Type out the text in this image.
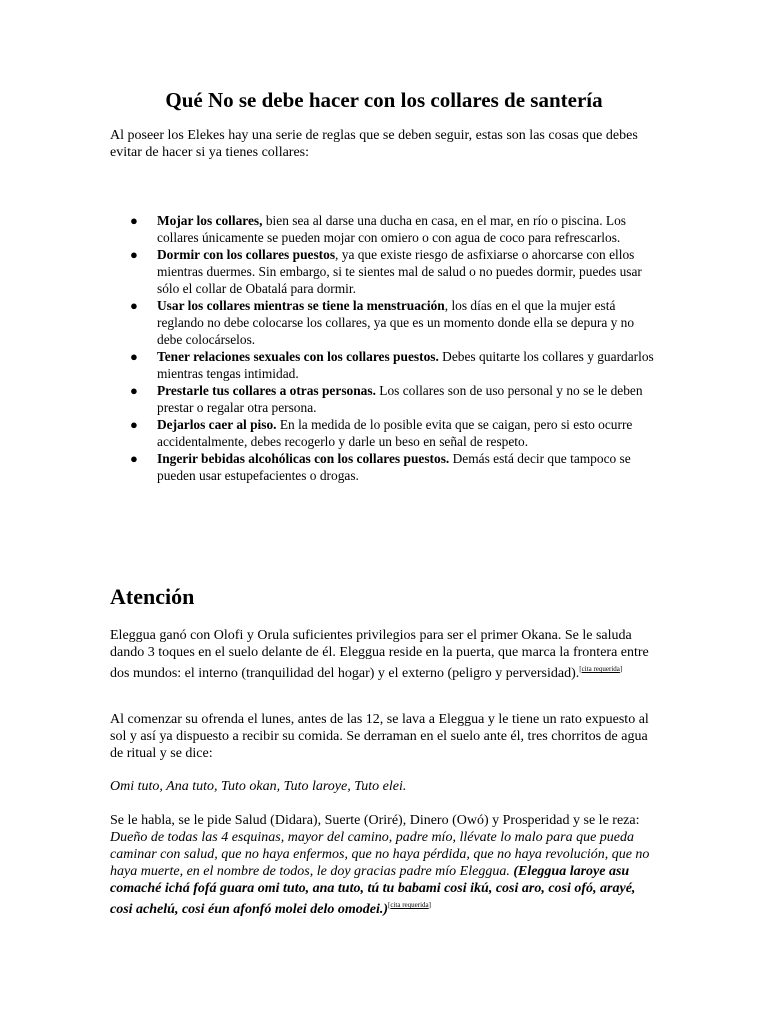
Qué No se debe hacer con los collares de santería

Al poseer los Elekes hay una serie de reglas que se deben seguir, estas son las cosas que debes evitar de hacer si ya tienes collares:

● Mojar los collares, bien sea al darse una ducha en casa, en el mar, en río o piscina. Los collares únicamente se pueden mojar con omiero o con agua de coco para refrescarlos.
● Dormir con los collares puestos, ya que existe riesgo de asfixiarse o ahorcarse con ellos mientras duermes. Sin embargo, si te sientes mal de salud o no puedes dormir, puedes usar sólo el collar de Obatalá para dormir.
● Usar los collares mientras se tiene la menstruación, los días en el que la mujer está reglando no debe colocarse los collares, ya que es un momento donde ella se depura y no debe colocárselos.
● Tener relaciones sexuales con los collares puestos. Debes quitarte los collares y guardarlos mientras tengas intimidad.
● Prestarle tus collares a otras personas. Los collares son de uso personal y no se le deben prestar o regalar otra persona.
● Dejarlos caer al piso. En la medida de lo posible evita que se caigan, pero si esto ocurre accidentalmente, debes recogerlo y darle un beso en señal de respeto.
● Ingerir bebidas alcohólicas con los collares puestos. Demás está decir que tampoco se pueden usar estupefacientes o drogas.
Atención

Eleggua ganó con Olofi y Orula suficientes privilegios para ser el primer Okana. Se le saluda dando 3 toques en el suelo delante de él. Eleggua reside en la puerta, que marca la frontera entre dos mundos: el interno (tranquilidad del hogar) y el externo (peligro y perversidad).[cita requerida]

Al comenzar su ofrenda el lunes, antes de las 12, se lava a Eleggua y le tiene un rato expuesto al sol y así ya dispuesto a recibir su comida. Se derraman en el suelo ante él, tres chorritos de agua de ritual y se dice:

Omi tuto, Ana tuto, Tuto okan, Tuto laroye, Tuto elei.

Se le habla, se le pide Salud (Didara), Suerte (Oriré), Dinero (Owó) y Prosperidad y se le reza: Dueño de todas las 4 esquinas, mayor del camino, padre mío, llévate lo malo para que pueda caminar con salud, que no haya enfermos, que no haya pérdida, que no haya revolución, que no haya muerte, en el nombre de todos, le doy gracias padre mío Eleggua. (Eleggua laroye asu comaché ichá fofá guara omi tuto, ana tuto, tú tu babami cosi ikú, cosi aro, cosi ofó, arayé, cosi achelú, cosi éun afonfó molei delo omodei.)[cita requerida]
